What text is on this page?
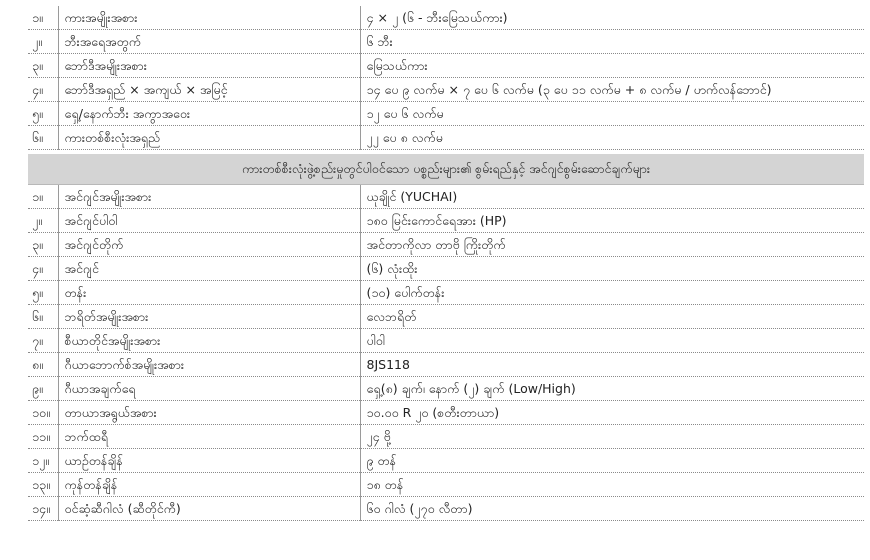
၁။	ကားအမျိုးအစား	၄ × ၂ (၆ - ဘီးမြေသယ်ကား)
၂။	ဘီးအရေအတွက်	၆ ဘီး
၃။	ဘော်ဒီအမျိုးအစား	မြေသယ်ကား
၄။	ဘော်ဒီအရှည် × အကျယ် × အမြင့်	၁၄ ပေ ၉ လက်မ × ၇ ပေ ၆ လက်မ (၃ ပေ ၁၁ လက်မ + ၈ လက်မ / ဟက်လန်ဘောင်)
၅။	ရှေ့/နောက်ဘီး အကွာအဝေး	၁၂ ပေ ၆ လက်မ
၆။	ကားတစ်စီးလုံးအရှည်	၂၂ ပေ ၈ လက်မ

ကားတစ်စီးလုံးဖွဲ့စည်းမှုတွင်ပါဝင်သော ပစ္စည်းများ၏ စွမ်းရည်နှင့် အင်ဂျင်စွမ်းဆောင်ချက်များ		
၁။	အင်ဂျင်အမျိုးအစား	ယုချိုင် (YUCHAI)
၂။	အင်ဂျင်ပါဝါ	၁၈၀ မြင်းကောင်ရေအား (HP)
၃။	အင်ဂျင်တိုက်	အင်တာကိုလာ တာဗို ကြိုးတိုက်
၄။	အင်ဂျင်	(၆) လုံးထိုး
၅။	တန်း	(၁၀) ပေါက်တန်း
၆။	ဘရိတ်အမျိုးအစား	လေဘရိတ်
၇။	စီယာတိုင်အမျိုးအစား	ပါဝါ
၈။	ဂီယာဘောက်စ်အမျိုးအစား	8JS118
၉။	ဂီယာအချက်ရေ	ရှေ့(၈) ချက်၊ နောက် (၂) ချက် (Low/High)
၁၀။	တာယာအရွယ်အစား	၁၀.၀၀ R ၂၀ (စတီးတာယာ)
၁၁။	ဘက်ထရီ	၂၄ ဗို့
၁၂။	ယာဉ်တန်ချိန်	၉ တန်
၁၃။	ကုန်တန်ချိန်	၁၈ တန်
၁၄။	ဝင်ဆံ့ဆီဂါလံ (ဆီတိုင်ကီ)	၆၀ ဂါလံ (၂၇၀ လီတာ)
